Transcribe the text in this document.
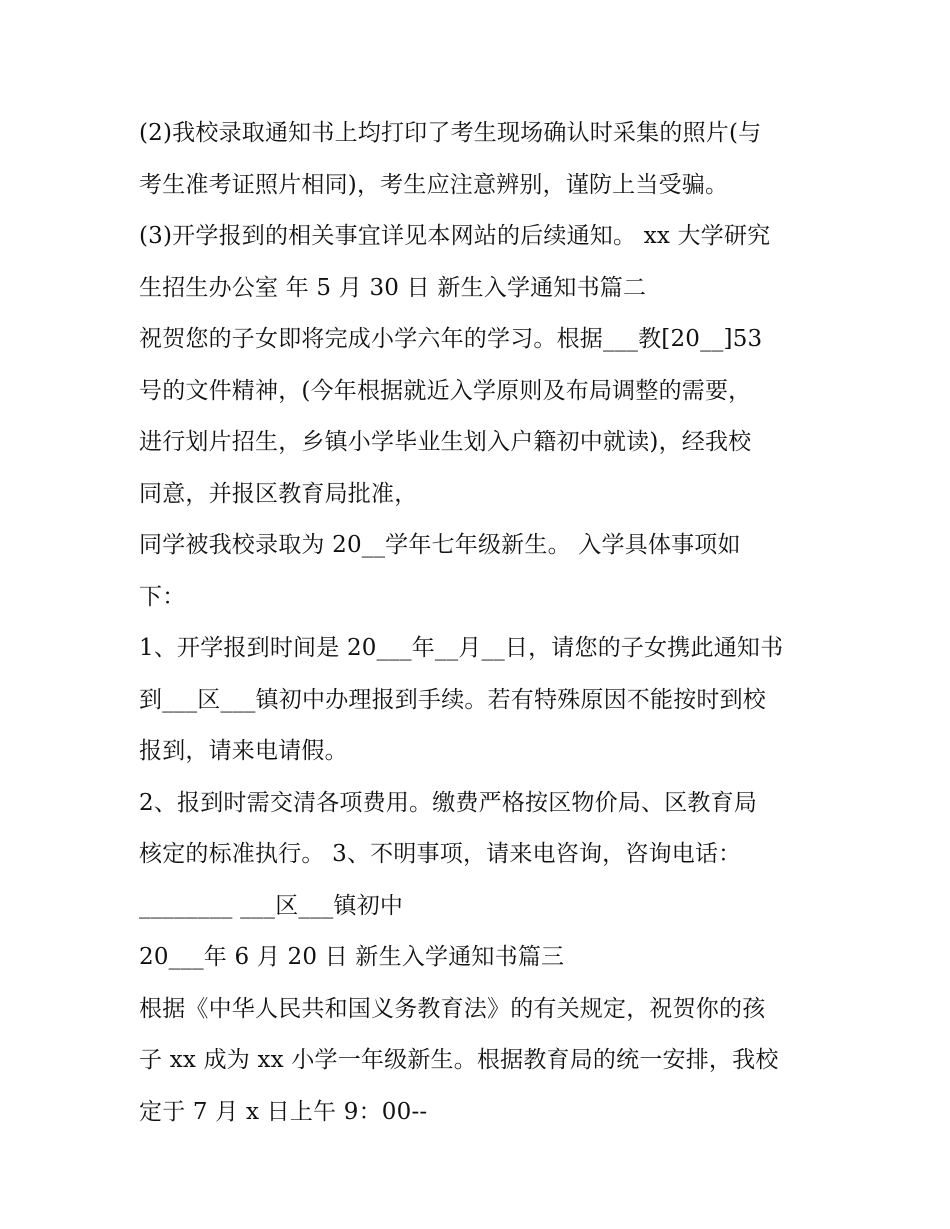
(2)我校录取通知书上均打印了考生现场确认时采集的照片(与
考生准考证照片相同)，考生应注意辨别，谨防上当受骗。
(3)开学报到的相关事宜详见本网站的后续通知。 xx 大学研究
生招生办公室 年 5 月 30 日 新生入学通知书篇二
祝贺您的子女即将完成小学六年的学习。根据___教[20__]53
号的文件精神，(今年根据就近入学原则及布局调整的需要，
进行划片招生，乡镇小学毕业生划入户籍初中就读)，经我校
同意，并报区教育局批准，
同学被我校录取为 20__学年七年级新生。 入学具体事项如
下：
1、开学报到时间是 20___年__月__日，请您的子女携此通知书
到___区___镇初中办理报到手续。若有特殊原因不能按时到校
报到，请来电请假。
2、报到时需交清各项费用。缴费严格按区物价局、区教育局
核定的标准执行。 3、不明事项，请来电咨询，咨询电话：
________ ___区___镇初中
20___年 6 月 20 日 新生入学通知书篇三
根据《中华人民共和国义务教育法》的有关规定，祝贺你的孩
子 xx 成为 xx 小学一年级新生。根据教育局的统一安排，我校
定于 7 月 x 日上午 9：00--
